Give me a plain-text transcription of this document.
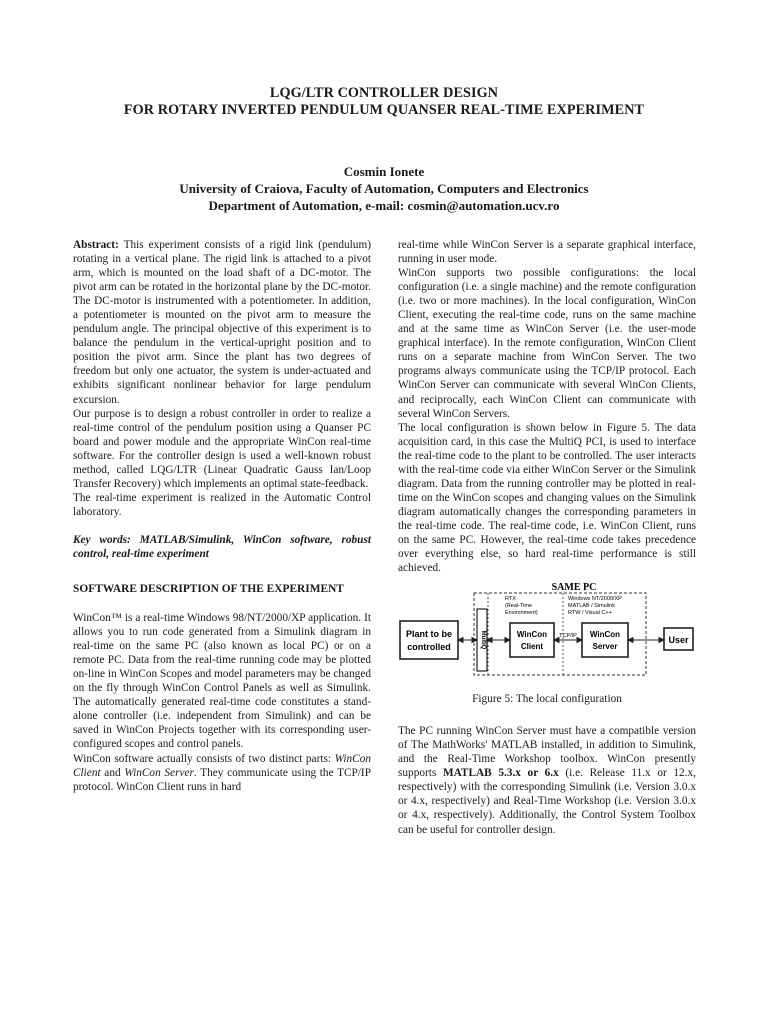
LQG/LTR CONTROLLER DESIGN
FOR ROTARY INVERTED PENDULUM QUANSER REAL-TIME EXPERIMENT
Cosmin Ionete
University of Craiova, Faculty of Automation, Computers and Electronics
Department of Automation, e-mail: cosmin@automation.ucv.ro

Abstract: This experiment consists of a rigid link (pendulum) rotating in a vertical plane. The rigid link is attached to a pivot arm, which is mounted on the load shaft of a DC-motor. The pivot arm can be rotated in the horizontal plane by the DC-motor. The DC-motor is instrumented with a potentiometer. In addition, a potentiometer is mounted on the pivot arm to measure the pendulum angle. The principal objective of this experiment is to balance the pendulum in the vertical-upright position and to position the pivot arm. Since the plant has two degrees of freedom but only one actuator, the system is under-actuated and exhibits significant nonlinear behavior for large pendulum excursion.

Our purpose is to design a robust controller in order to realize a real-time control of the pendulum position using a Quanser PC board and power module and the appropriate WinCon real-time software. For the controller design is used a well-known robust method, called LQG/LTR (Linear Quadratic Gauss Ian/Loop Transfer Recovery) which implements an optimal state-feedback.

The real-time experiment is realized in the Automatic Control laboratory.

Key words: MATLAB/Simulink, WinCon software, robust control, real-time experiment

SOFTWARE DESCRIPTION OF THE EXPERIMENT

WinCon™ is a real-time Windows 98/NT/2000/XP application. It allows you to run code generated from a Simulink diagram in real-time on the same PC (also known as local PC) or on a remote PC. Data from the real-time running code may be plotted on-line in WinCon Scopes and model parameters may be changed on the fly through WinCon Control Panels as well as Simulink. The automatically generated real-time code constitutes a stand-alone controller (i.e. independent from Simulink) and can be saved in WinCon Projects together with its corresponding user-configured scopes and control panels.

WinCon software actually consists of two distinct parts: WinCon Client and WinCon Server. They communicate using the TCP/IP protocol. WinCon Client runs in hard

real-time while WinCon Server is a separate graphical interface, running in user mode.

WinCon supports two possible configurations: the local configuration (i.e. a single machine) and the remote configuration (i.e. two or more machines). In the local configuration, WinCon Client, executing the real-time code, runs on the same machine and at the same time as WinCon Server (i.e. the user-mode graphical interface). In the remote configuration, WinCon Client runs on a separate machine from WinCon Server. The two programs always communicate using the TCP/IP protocol. Each WinCon Server can communicate with several WinCon Clients, and reciprocally, each WinCon Client can communicate with several WinCon Servers.

The local configuration is shown below in Figure 5. The data acquisition card, in this case the MultiQ PCI, is used to interface the real-time code to the plant to be controlled. The user interacts with the real-time code via either WinCon Server or the Simulink diagram. Data from the running controller may be plotted in real-time on the WinCon scopes and changing values on the Simulink diagram automatically changes the corresponding parameters in the real-time code. The real-time code, i.e. WinCon Client, runs on the same PC. However, the real-time code takes precedence over everything else, so hard real-time performance is still achieved.

SAME PC
RTX
(Real-Time
Environment)
Windows NT/2000/XP
MATLAB / Simulink
RTW / Visual C++
Plant to be
controlled	MultiQ	WinCon
Client
WinCon
Server
User
TCP/IP

Figure 5: The local configuration

The PC running WinCon Server must have a compatible version of The MathWorks' MATLAB installed, in addition to Simulink, and the Real-Time Workshop toolbox. WinCon presently supports MATLAB 5.3.x or 6.x (i.e. Release 11.x or 12.x, respectively) with the corresponding Simulink (i.e. Version 3.0.x or 4.x, respectively) and Real-Time Workshop (i.e. Version 3.0.x or 4.x, respectively). Additionally, the Control System Toolbox can be useful for controller design.
